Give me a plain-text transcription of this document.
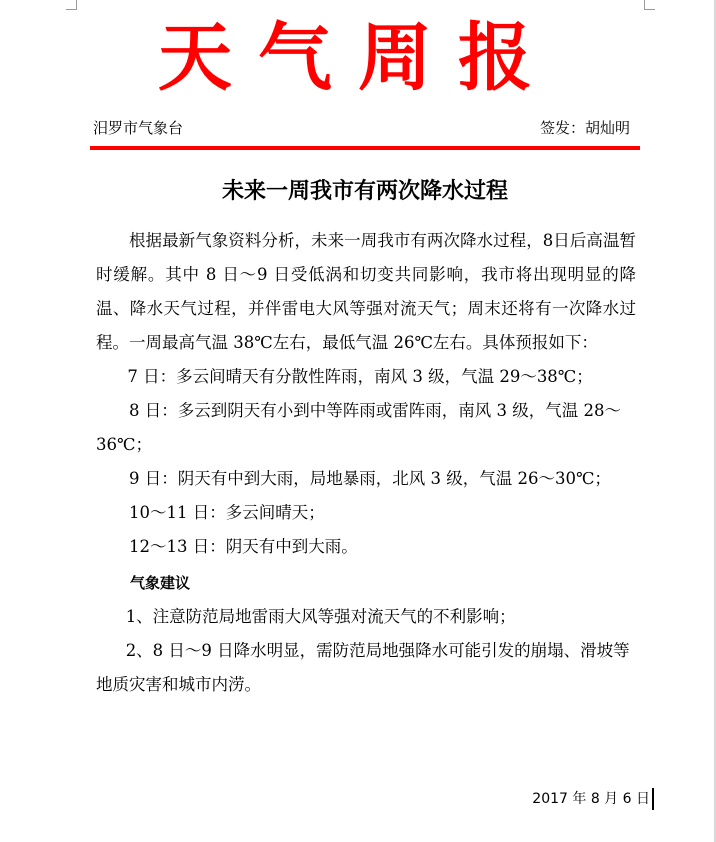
天气周报
汨罗市气象台	签发：胡灿明
未来一周我市有两次降水过程

根据最新气象资料分析，未来一周我市有两次降水过程，8日后高温暂时缓解。其中 8 日～9 日受低涡和切变共同影响，我市将出现明显的降温、降水天气过程，并伴雷电大风等强对流天气；周末还将有一次降水过程。一周最高气温 38℃左右，最低气温 26℃左右。具体预报如下：

7 日：多云间晴天有分散性阵雨，南风 3 级，气温 29～38℃；

8 日：多云到阴天有小到中等阵雨或雷阵雨，南风 3 级，气温 28～36℃；

9 日：阴天有中到大雨，局地暴雨，北风 3 级，气温 26～30℃；

10～11 日：多云间晴天；

12～13 日：阴天有中到大雨。

气象建议

1、注意防范局地雷雨大风等强对流天气的不利影响；

2、8 日～9 日降水明显，需防范局地强降水可能引发的崩塌、滑坡等地质灾害和城市内涝。

2017 年 8 月 6 日
